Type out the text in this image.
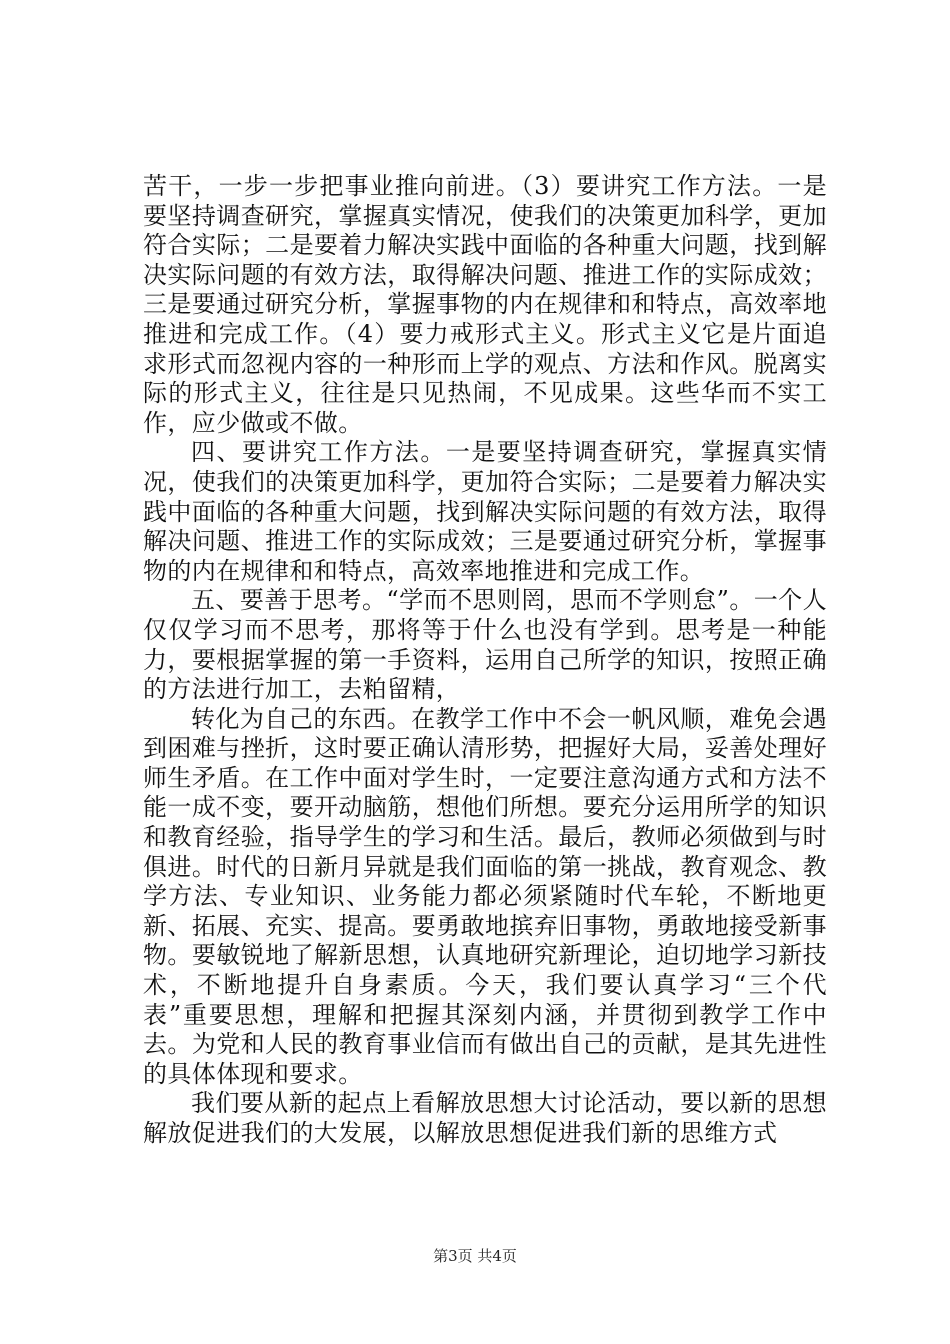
苦干，一步一步把事业推向前进。（3）要讲究工作方法。一是要坚持调查研究，掌握真实情况，使我们的决策更加科学，更加符合实际；二是要着力解决实践中面临的各种重大问题，找到解决实际问题的有效方法，取得解决问题、推进工作的实际成效；三是要通过研究分析，掌握事物的内在规律和和特点，高效率地推进和完成工作。（4）要力戒形式主义。形式主义它是片面追求形式而忽视内容的一种形而上学的观点、方法和作风。脱离实际的形式主义，往往是只见热闹，不见成果。这些华而不实工作，应少做或不做。

四、要讲究工作方法。一是要坚持调查研究，掌握真实情况，使我们的决策更加科学，更加符合实际；二是要着力解决实践中面临的各种重大问题，找到解决实际问题的有效方法，取得解决问题、推进工作的实际成效；三是要通过研究分析，掌握事物的内在规律和和特点，高效率地推进和完成工作。

五、要善于思考。“学而不思则罔，思而不学则怠”。一个人仅仅学习而不思考，那将等于什么也没有学到。思考是一种能力，要根据掌握的第一手资料，运用自己所学的知识，按照正确的方法进行加工，去粕留精，

转化为自己的东西。在教学工作中不会一帆风顺，难免会遇到困难与挫折，这时要正确认清形势，把握好大局，妥善处理好师生矛盾。在工作中面对学生时，一定要注意沟通方式和方法不能一成不变，要开动脑筋，想他们所想。要充分运用所学的知识和教育经验，指导学生的学习和生活。最后，教师必须做到与时俱进。时代的日新月异就是我们面临的第一挑战，教育观念、教学方法、专业知识、业务能力都必须紧随时代车轮，不断地更新、拓展、充实、提高。要勇敢地摈弃旧事物，勇敢地接受新事物。要敏锐地了解新思想，认真地研究新理论，迫切地学习新技术，不断地提升自身素质。今天，我们要认真学习“三个代表”重要思想，理解和把握其深刻内涵，并贯彻到教学工作中去。为党和人民的教育事业信而有做出自己的贡献，是其先进性的具体体现和要求。

我们要从新的起点上看解放思想大讨论活动，要以新的思想解放促进我们的大发展，以解放思想促进我们新的思维方式

第3页 共4页
